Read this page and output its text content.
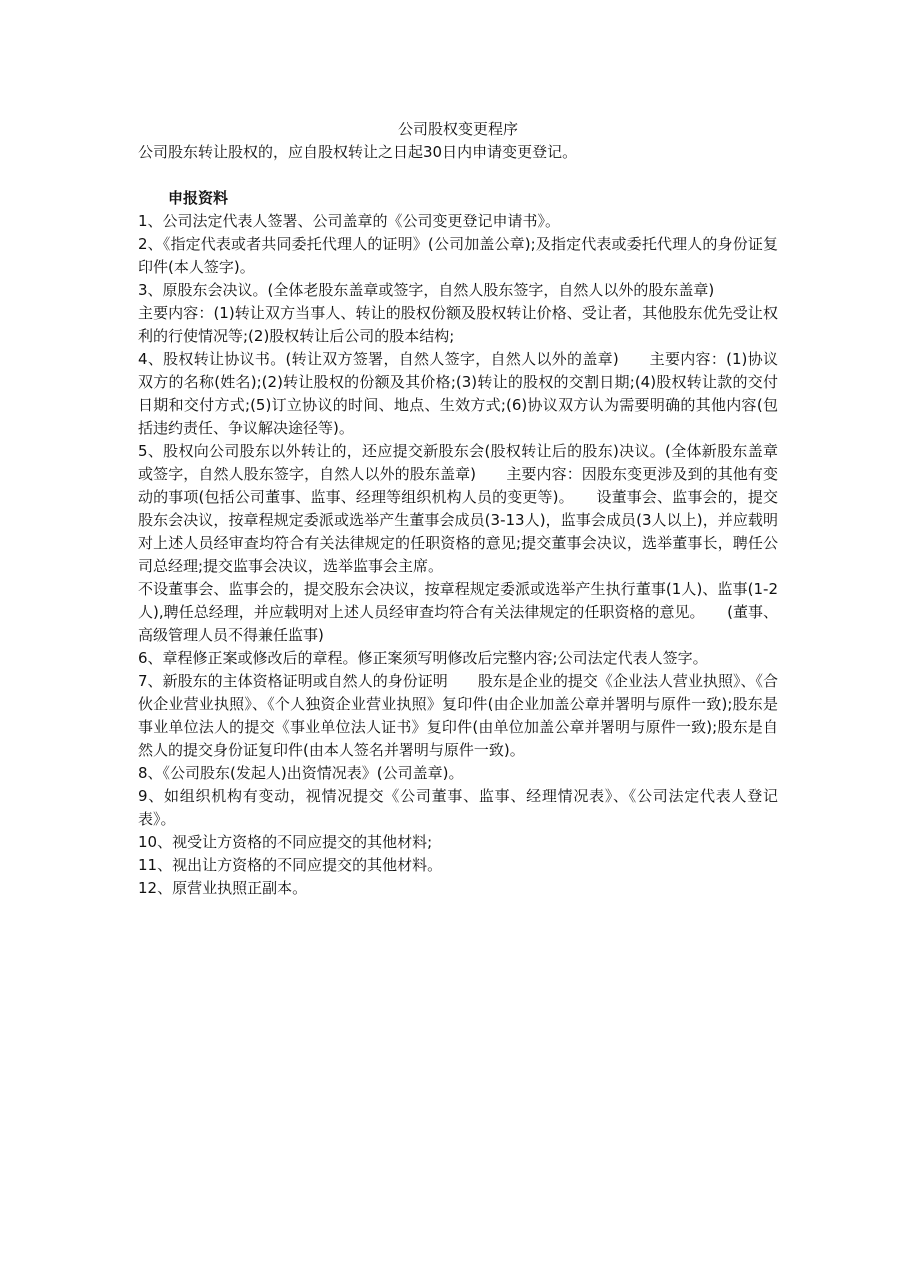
公司股权变更程序

公司股东转让股权的，应自股权转让之日起30日内申请变更登记。

申报资料

1、公司法定代表人签署、公司盖章的《公司变更登记申请书》。

2、《指定代表或者共同委托代理人的证明》(公司加盖公章);及指定代表或委托代理人的身份证复印件(本人签字)。

3、原股东会决议。(全体老股东盖章或签字，自然人股东签字，自然人以外的股东盖章)

主要内容：(1)转让双方当事人、转让的股权份额及股权转让价格、受让者，其他股东优先受让权利的行使情况等;(2)股权转让后公司的股本结构;

4、股权转让协议书。(转让双方签署，自然人签字，自然人以外的盖章)　　主要内容：(1)协议双方的名称(姓名);(2)转让股权的份额及其价格;(3)转让的股权的交割日期;(4)股权转让款的交付日期和交付方式;(5)订立协议的时间、地点、生效方式;(6)协议双方认为需要明确的其他内容(包括违约责任、争议解决途径等)。

5、股权向公司股东以外转让的，还应提交新股东会(股权转让后的股东)决议。(全体新股东盖章或签字，自然人股东签字，自然人以外的股东盖章)　　主要内容：因股东变更涉及到的其他有变动的事项(包括公司董事、监事、经理等组织机构人员的变更等)。　　设董事会、监事会的，提交股东会决议，按章程规定委派或选举产生董事会成员(3-13人)，监事会成员(3人以上)，并应载明对上述人员经审查均符合有关法律规定的任职资格的意见;提交董事会决议，选举董事长，聘任公司总经理;提交监事会决议，选举监事会主席。

不设董事会、监事会的，提交股东会决议，按章程规定委派或选举产生执行董事(1人)、监事(1-2人),聘任总经理，并应载明对上述人员经审查均符合有关法律规定的任职资格的意见。　　(董事、高级管理人员不得兼任监事)

6、章程修正案或修改后的章程。修正案须写明修改后完整内容;公司法定代表人签字。

7、新股东的主体资格证明或自然人的身份证明　　股东是企业的提交《企业法人营业执照》、《合伙企业营业执照》、《个人独资企业营业执照》复印件(由企业加盖公章并署明与原件一致);股东是事业单位法人的提交《事业单位法人证书》复印件(由单位加盖公章并署明与原件一致);股东是自然人的提交身份证复印件(由本人签名并署明与原件一致)。

8、《公司股东(发起人)出资情况表》(公司盖章)。

9、如组织机构有变动，视情况提交《公司董事、监事、经理情况表》、《公司法定代表人登记表》。

10、视受让方资格的不同应提交的其他材料;

11、视出让方资格的不同应提交的其他材料。

12、原营业执照正副本。
